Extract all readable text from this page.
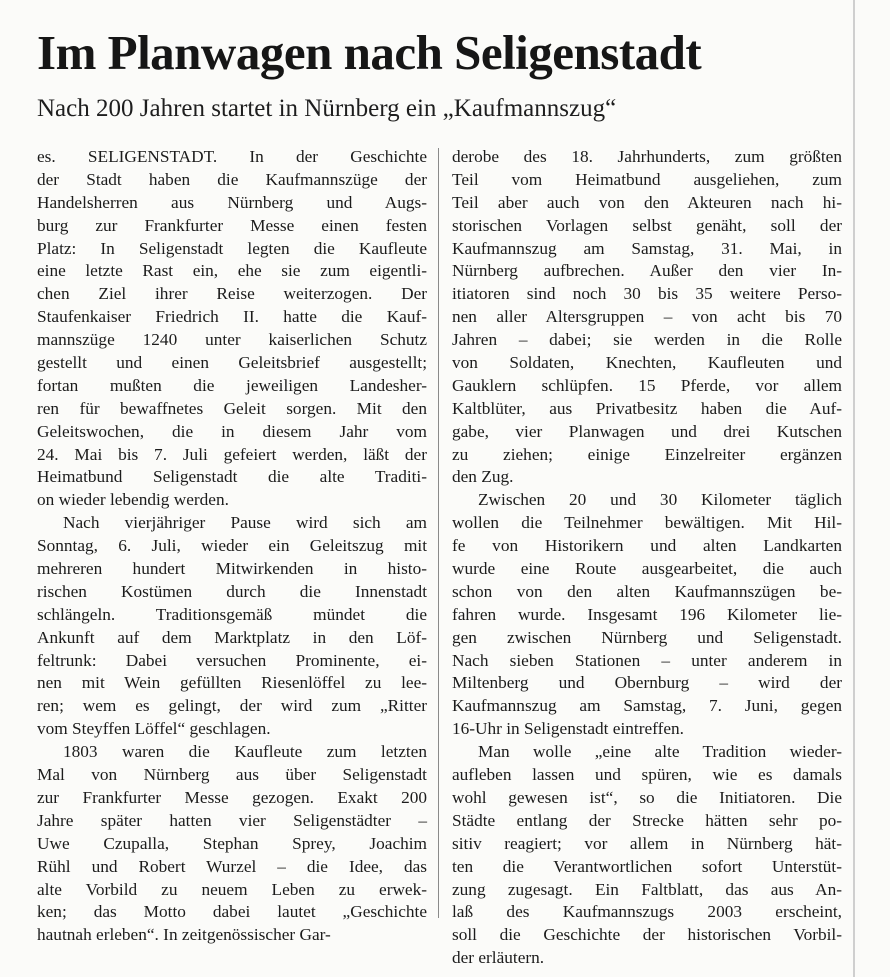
Im Planwagen nach Seligenstadt
Nach 200 Jahren startet in Nürnberg ein „Kaufmannszug“
es. SELIGENSTADT. In der Geschichte
der Stadt haben die Kaufmannszüge der
Handelsherren aus Nürnberg und Augs-
burg zur Frankfurter Messe einen festen
Platz: In Seligenstadt legten die Kaufleute
eine letzte Rast ein, ehe sie zum eigentli-
chen Ziel ihrer Reise weiterzogen. Der
Staufenkaiser Friedrich II. hatte die Kauf-
mannszüge 1240 unter kaiserlichen Schutz
gestellt und einen Geleitsbrief ausgestellt;
fortan mußten die jeweiligen Landesher-
ren für bewaffnetes Geleit sorgen. Mit den
Geleitswochen, die in diesem Jahr vom
24. Mai bis 7. Juli gefeiert werden, läßt der
Heimatbund Seligenstadt die alte Traditi-
on wieder lebendig werden.
Nach vierjähriger Pause wird sich am
Sonntag, 6. Juli, wieder ein Geleitszug mit
mehreren hundert Mitwirkenden in histo-
rischen Kostümen durch die Innenstadt
schlängeln. Traditionsgemäß mündet die
Ankunft auf dem Marktplatz in den Löf-
feltrunk: Dabei versuchen Prominente, ei-
nen mit Wein gefüllten Riesenlöffel zu lee-
ren; wem es gelingt, der wird zum „Ritter
vom Steyffen Löffel“ geschlagen.
1803 waren die Kaufleute zum letzten
Mal von Nürnberg aus über Seligenstadt
zur Frankfurter Messe gezogen. Exakt 200
Jahre später hatten vier Seligenstädter –
Uwe Czupalla, Stephan Sprey, Joachim
Rühl und Robert Wurzel – die Idee, das
alte Vorbild zu neuem Leben zu erwek-
ken; das Motto dabei lautet „Geschichte
hautnah erleben“. In zeitgenössischer Gar-
derobe des 18. Jahrhunderts, zum größten
Teil vom Heimatbund ausgeliehen, zum
Teil aber auch von den Akteuren nach hi-
storischen Vorlagen selbst genäht, soll der
Kaufmannszug am Samstag, 31. Mai, in
Nürnberg aufbrechen. Außer den vier In-
itiatoren sind noch 30 bis 35 weitere Perso-
nen aller Altersgruppen – von acht bis 70
Jahren – dabei; sie werden in die Rolle
von Soldaten, Knechten, Kaufleuten und
Gauklern schlüpfen. 15 Pferde, vor allem
Kaltblüter, aus Privatbesitz haben die Auf-
gabe, vier Planwagen und drei Kutschen
zu ziehen; einige Einzelreiter ergänzen
den Zug.
Zwischen 20 und 30 Kilometer täglich
wollen die Teilnehmer bewältigen. Mit Hil-
fe von Historikern und alten Landkarten
wurde eine Route ausgearbeitet, die auch
schon von den alten Kaufmannszügen be-
fahren wurde. Insgesamt 196 Kilometer lie-
gen zwischen Nürnberg und Seligenstadt.
Nach sieben Stationen – unter anderem in
Miltenberg und Obernburg – wird der
Kaufmannszug am Samstag, 7. Juni, gegen
16-Uhr in Seligenstadt eintreffen.
Man wolle „eine alte Tradition wieder-
aufleben lassen und spüren, wie es damals
wohl gewesen ist“, so die Initiatoren. Die
Städte entlang der Strecke hätten sehr po-
sitiv reagiert; vor allem in Nürnberg hät-
ten die Verantwortlichen sofort Unterstüt-
zung zugesagt. Ein Faltblatt, das aus An-
laß des Kaufmannszugs 2003 erscheint,
soll die Geschichte der historischen Vorbil-
der erläutern.
